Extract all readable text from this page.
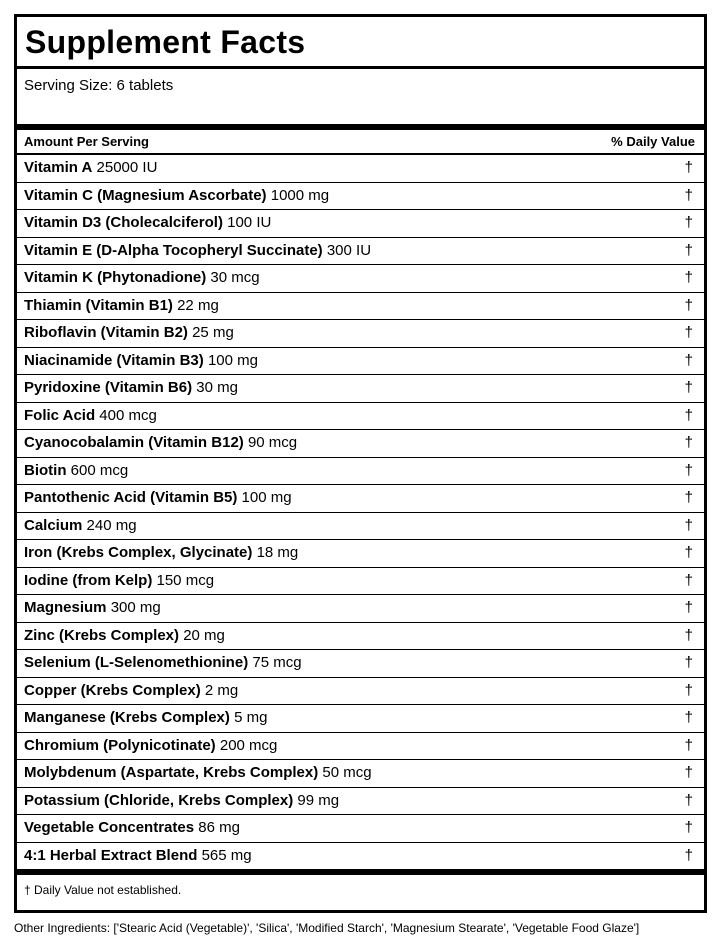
Supplement Facts
Serving Size: 6 tablets
Amount Per Serving	% Daily Value
Vitamin A 25000 IU	†
Vitamin C (Magnesium Ascorbate) 1000 mg	†
Vitamin D3 (Cholecalciferol) 100 IU	†
Vitamin E (D-Alpha Tocopheryl Succinate) 300 IU	†
Vitamin K (Phytonadione) 30 mcg	†
Thiamin (Vitamin B1) 22 mg	†
Riboflavin (Vitamin B2) 25 mg	†
Niacinamide (Vitamin B3) 100 mg	†
Pyridoxine (Vitamin B6) 30 mg	†
Folic Acid 400 mcg	†
Cyanocobalamin (Vitamin B12) 90 mcg	†
Biotin 600 mcg	†
Pantothenic Acid (Vitamin B5) 100 mg	†
Calcium 240 mg	†
Iron (Krebs Complex, Glycinate) 18 mg	†
Iodine (from Kelp) 150 mcg	†
Magnesium 300 mg	†
Zinc (Krebs Complex) 20 mg	†
Selenium (L-Selenomethionine) 75 mcg	†
Copper (Krebs Complex) 2 mg	†
Manganese (Krebs Complex) 5 mg	†
Chromium (Polynicotinate) 200 mcg	†
Molybdenum (Aspartate, Krebs Complex) 50 mcg	†
Potassium (Chloride, Krebs Complex) 99 mg	†
Vegetable Concentrates 86 mg	†
4:1 Herbal Extract Blend 565 mg	†
† Daily Value not established.
Other Ingredients: ['Stearic Acid (Vegetable)', 'Silica', 'Modified Starch', 'Magnesium Stearate', 'Vegetable Food Glaze']
